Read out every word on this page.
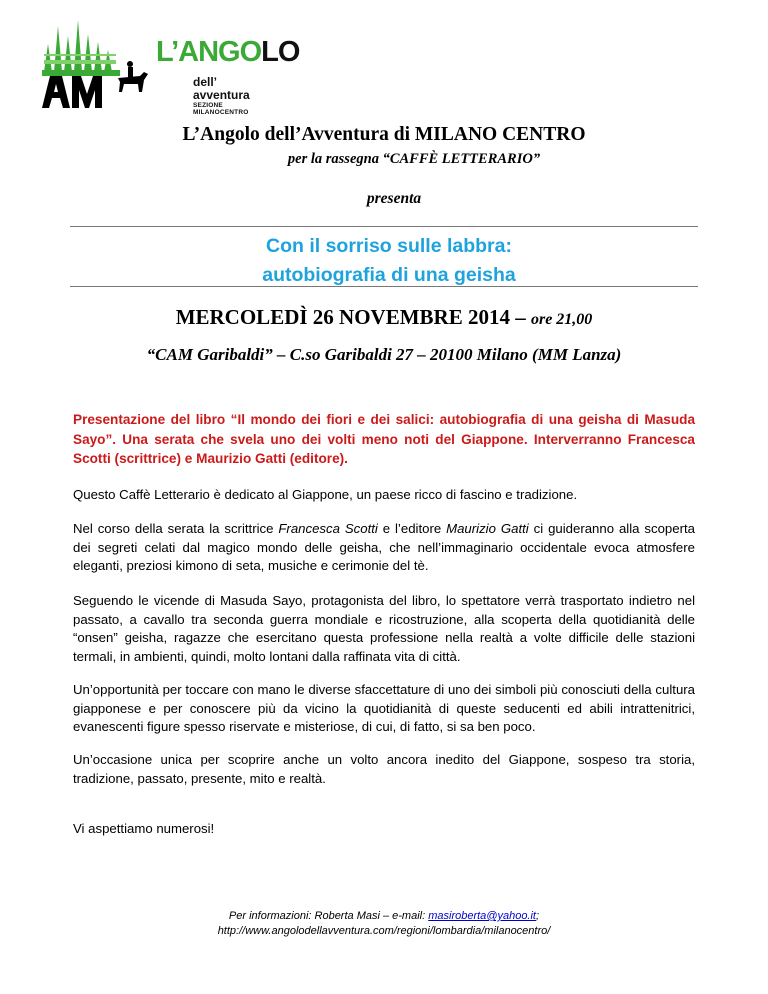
L’ANGOLO
dell’
avventura
SEZIONE MILANOCENTRO
L’Angolo dell’Avventura di MILANO CENTRO
per la rassegna “CAFFÈ LETTERARIO”
presenta
Con il sorriso sulle labbra:
autobiografia di una geisha
MERCOLEDÌ 26 NOVEMBRE 2014 – ore 21,00
“CAM Garibaldi” – C.so Garibaldi 27 – 20100 Milano (MM Lanza)
Presentazione del libro “Il mondo dei fiori e dei salici: autobiografia di una geisha di Masuda Sayo”. Una serata che svela uno dei volti meno noti del Giappone. Interverranno Francesca Scotti (scrittrice) e Maurizio Gatti (editore).
Questo Caffè Letterario è dedicato al Giappone, un paese ricco di fascino e tradizione.
Nel corso della serata la scrittrice Francesca Scotti e l’editore Maurizio Gatti ci guideranno alla scoperta dei segreti celati dal magico mondo delle geisha, che nell’immaginario occidentale evoca atmosfere eleganti, preziosi kimono di seta, musiche e cerimonie del tè.
Seguendo le vicende di Masuda Sayo, protagonista del libro, lo spettatore verrà trasportato indietro nel passato, a cavallo tra seconda guerra mondiale e ricostruzione, alla scoperta della quotidianità delle “onsen” geisha, ragazze che esercitano questa professione nella realtà a volte difficile delle stazioni termali, in ambienti, quindi, molto lontani dalla raffinata vita di città.
Un’opportunità per toccare con mano le diverse sfaccettature di uno dei simboli più conosciuti della cultura giapponese e per conoscere più da vicino la quotidianità di queste seducenti ed abili intrattenitrici, evanescenti figure spesso riservate e misteriose, di cui, di fatto, si sa ben poco.
Un’occasione unica per scoprire anche un volto ancora inedito del Giappone, sospeso tra storia, tradizione, passato, presente, mito e realtà.
Vi aspettiamo numerosi!
Per informazioni: Roberta Masi – e-mail: masiroberta@yahoo.it;
http://www.angolodellavventura.com/regioni/lombardia/milanocentro/
